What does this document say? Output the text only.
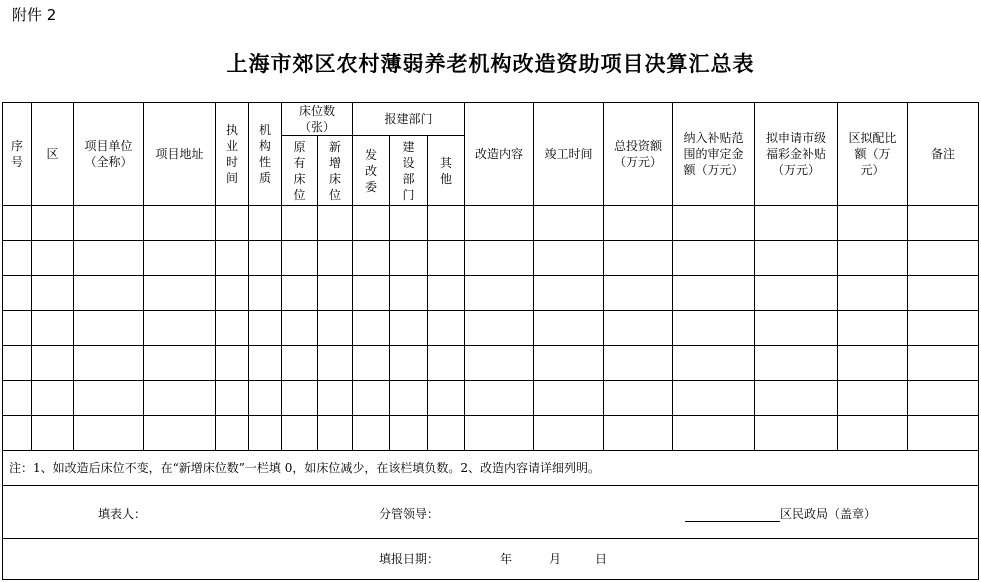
附件 2
上海市郊区农村薄弱养老机构改造资助项目决算汇总表
序号	区	项目单位（全称）	项目地址	执业时间	机构性质	床位数（张）		报建部门			改造内容	竣工时间	总投资额（万元）	纳入补贴范围的审定金额（万元）	拟申请市级福彩金补贴（万元）	区拟配比额（万元）	备注

						原有床位	新增床位	发改委	建设部门	其他							

注：1、如改造后床位不变，在“新增床位数”一栏填 0，如床位减少，在该栏填负数。2、改造内容请详细列明。																	

填表人： 分管领导： 区民政局（盖章）																	

填报日期： 年 月 日																	
